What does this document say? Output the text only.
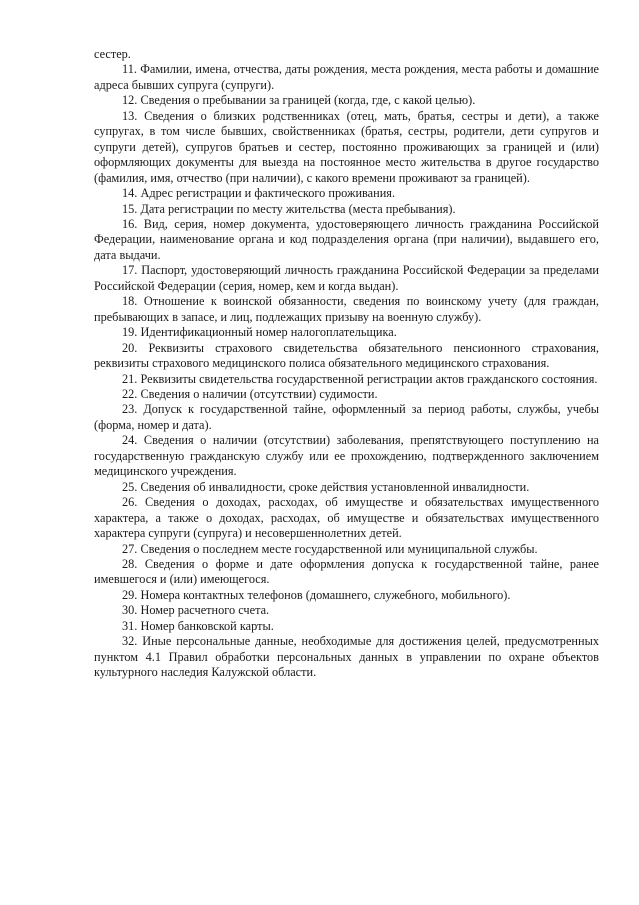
сестер.

11. Фамилии, имена, отчества, даты рождения, места рождения, места работы и домашние адреса бывших супруга (супруги).

12. Сведения о пребывании за границей (когда, где, с какой целью).

13. Сведения о близких родственниках (отец, мать, братья, сестры и дети), а также супругах, в том числе бывших, свойственниках (братья, сестры, родители, дети супругов и супруги детей), супругов братьев и сестер, постоянно проживающих за границей и (или) оформляющих документы для выезда на постоянное место жительства в другое государство (фамилия, имя, отчество (при наличии), с какого времени проживают за границей).

14. Адрес регистрации и фактического проживания.

15. Дата регистрации по месту жительства (места пребывания).

16. Вид, серия, номер документа, удостоверяющего личность гражданина Российской Федерации, наименование органа и код подразделения органа (при наличии), выдавшего его, дата выдачи.

17. Паспорт, удостоверяющий личность гражданина Российской Федерации за пределами Российской Федерации (серия, номер, кем и когда выдан).

18. Отношение к воинской обязанности, сведения по воинскому учету (для граждан, пребывающих в запасе, и лиц, подлежащих призыву на военную службу).

19. Идентификационный номер налогоплательщика.

20. Реквизиты страхового свидетельства обязательного пенсионного страхования, реквизиты страхового медицинского полиса обязательного медицинского страхования.

21. Реквизиты свидетельства государственной регистрации актов гражданского состояния.

22. Сведения о наличии (отсутствии) судимости.

23. Допуск к государственной тайне, оформленный за период работы, службы, учебы (форма, номер и дата).

24. Сведения о наличии (отсутствии) заболевания, препятствующего поступлению на государственную гражданскую службу или ее прохождению, подтвержденного заключением медицинского учреждения.

25. Сведения об инвалидности, сроке действия установленной инвалидности.

26. Сведения о доходах, расходах, об имуществе и обязательствах имущественного характера, а также о доходах, расходах, об имуществе и обязательствах имущественного характера супруги (супруга) и несовершеннолетних детей.

27. Сведения о последнем месте государственной или муниципальной службы.

28. Сведения о форме и дате оформления допуска к государственной тайне, ранее имевшегося и (или) имеющегося.

29. Номера контактных телефонов (домашнего, служебного, мобильного).

30. Номер расчетного счета.

31. Номер банковской карты.

32. Иные персональные данные, необходимые для достижения целей, предусмотренных пунктом 4.1 Правил обработки персональных данных в управлении по охране объектов культурного наследия Калужской области.
